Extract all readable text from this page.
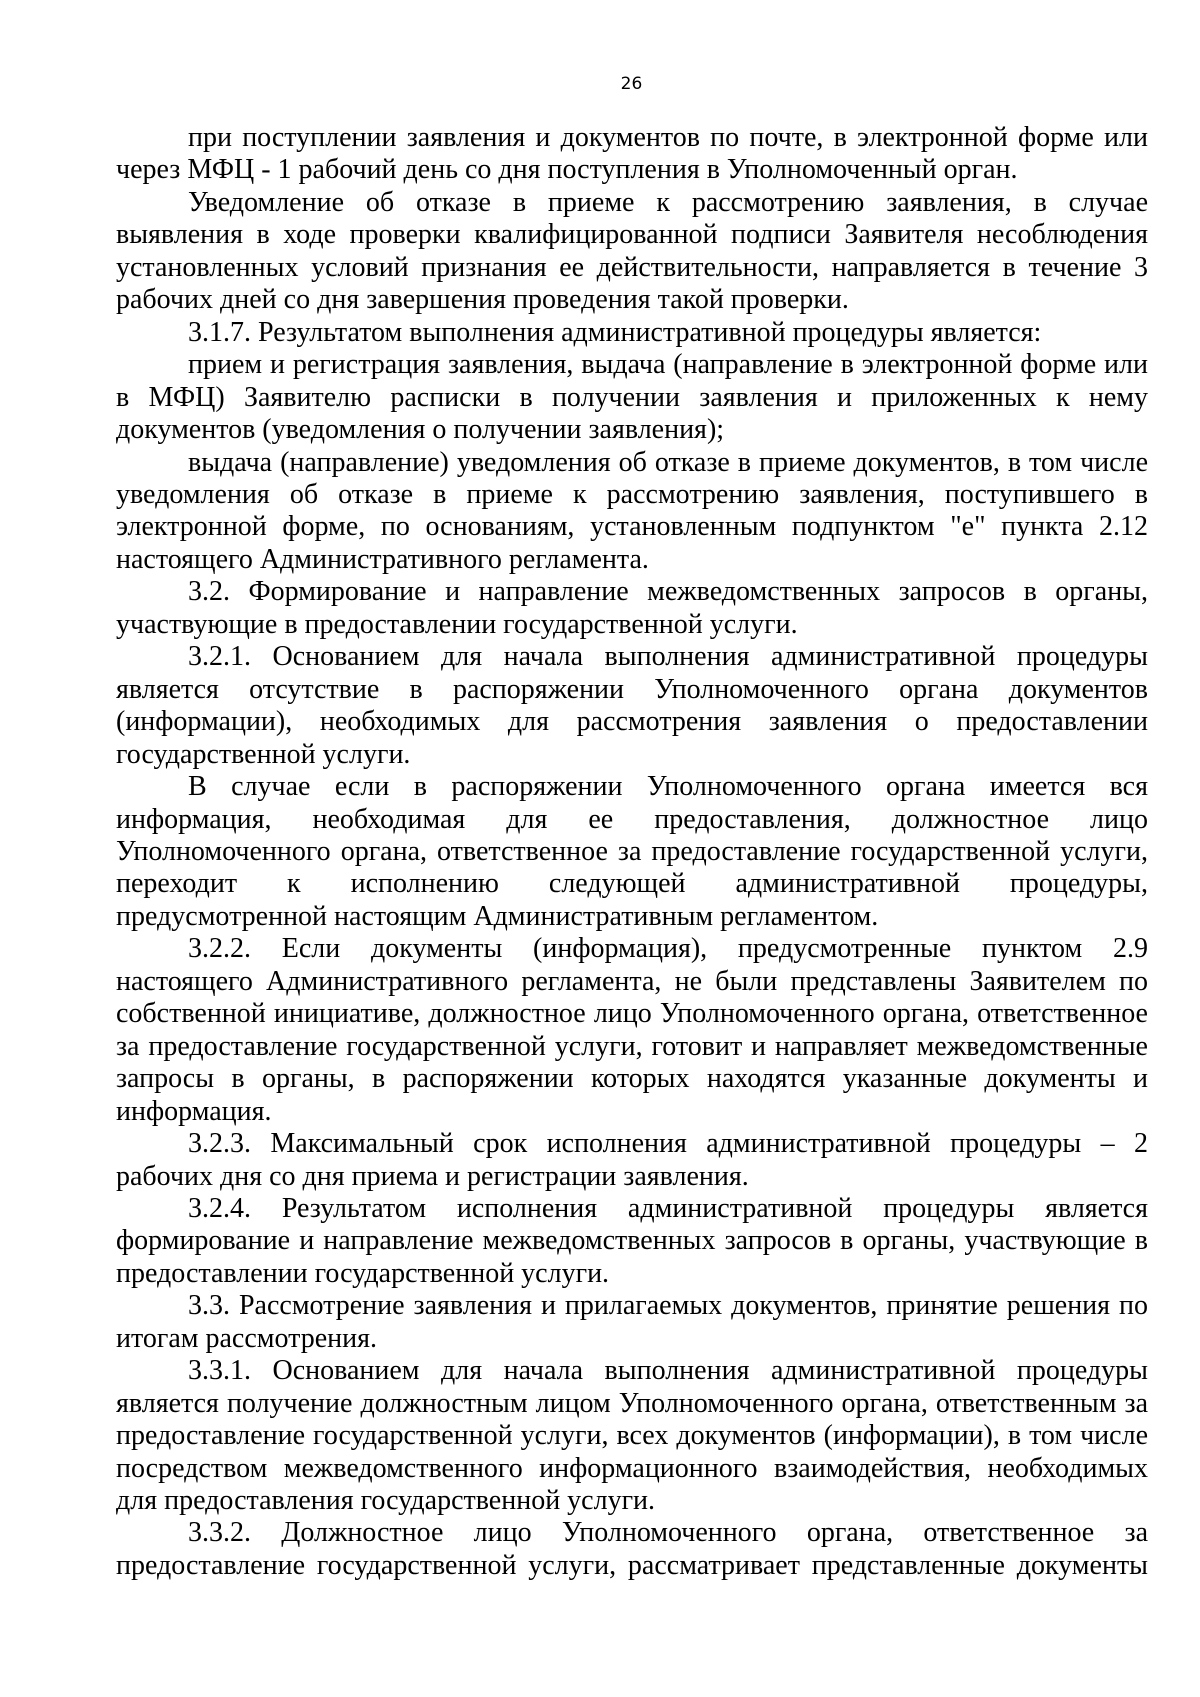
26

при поступлении заявления и документов по почте, в электронной форме или через МФЦ - 1 рабочий день со дня поступления в Уполномоченный орган.

Уведомление об отказе в приеме к рассмотрению заявления, в случае выявления в ходе проверки квалифицированной подписи Заявителя несоблюдения установленных условий признания ее действительности, направляется в течение 3 рабочих дней со дня завершения проведения такой проверки.

3.1.7. Результатом выполнения административной процедуры является:

прием и регистрация заявления, выдача (направление в электронной форме или в МФЦ) Заявителю расписки в получении заявления и приложенных к нему документов (уведомления о получении заявления);

выдача (направление) уведомления об отказе в приеме документов, в том числе уведомления об отказе в приеме к рассмотрению заявления, поступившего в электронной форме, по основаниям, установленным подпунктом "е" пункта 2.12 настоящего Административного регламента.

3.2. Формирование и направление межведомственных запросов в органы, участвующие в предоставлении государственной услуги.

3.2.1. Основанием для начала выполнения административной процедуры является отсутствие в распоряжении Уполномоченного органа документов (информации), необходимых для рассмотрения заявления о предоставлении государственной услуги.

В случае если в распоряжении Уполномоченного органа имеется вся информация, необходимая для ее предоставления, должностное лицо Уполномоченного органа, ответственное за предоставление государственной услуги, переходит к исполнению следующей административной процедуры, предусмотренной настоящим Административным регламентом.

3.2.2. Если документы (информация), предусмотренные пунктом 2.9 настоящего Административного регламента, не были представлены Заявителем по собственной инициативе, должностное лицо Уполномоченного органа, ответственное за предоставление государственной услуги, готовит и направляет межведомственные запросы в органы, в распоряжении которых находятся указанные документы и информация.

3.2.3. Максимальный срок исполнения административной процедуры – 2 рабочих дня со дня приема и регистрации заявления.

3.2.4. Результатом исполнения административной процедуры является формирование и направление межведомственных запросов в органы, участвующие в предоставлении государственной услуги.

3.3. Рассмотрение заявления и прилагаемых документов, принятие решения по итогам рассмотрения.

3.3.1. Основанием для начала выполнения административной процедуры является получение должностным лицом Уполномоченного органа, ответственным за предоставление государственной услуги, всех документов (информации), в том числе посредством межведомственного информационного взаимодействия, необходимых для предоставления государственной услуги.

3.3.2. Должностное лицо Уполномоченного органа, ответственное за предоставление государственной услуги, рассматривает представленные документы
